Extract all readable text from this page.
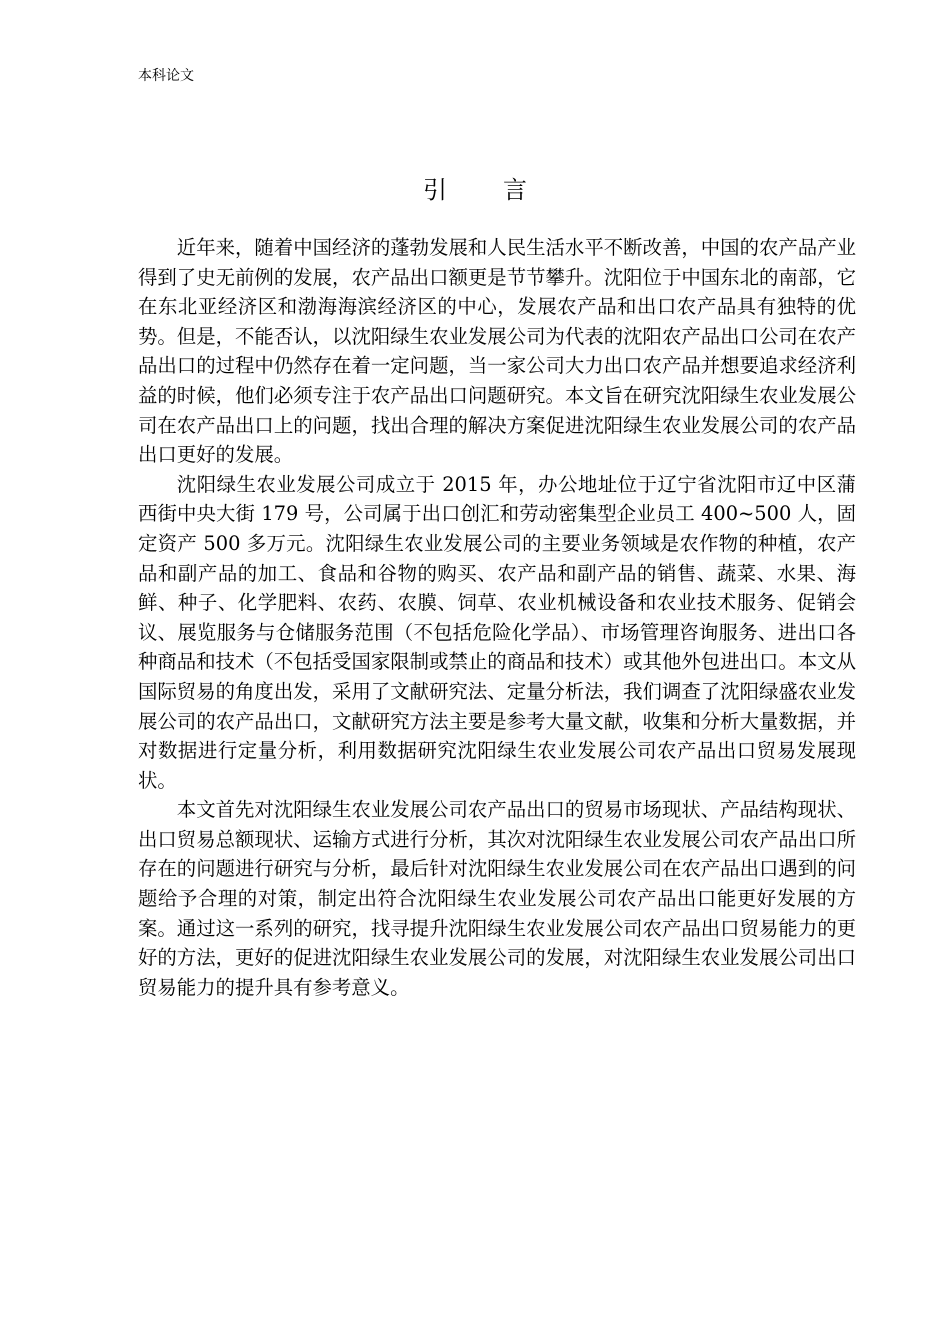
本科论文
引 言

近年来，随着中国经济的蓬勃发展和人民生活水平不断改善，中国的农产品产业得到了史无前例的发展，农产品出口额更是节节攀升。沈阳位于中国东北的南部，它在东北亚经济区和渤海海滨经济区的中心，发展农产品和出口农产品具有独特的优势。但是，不能否认，以沈阳绿生农业发展公司为代表的沈阳农产品出口公司在农产品出口的过程中仍然存在着一定问题，当一家公司大力出口农产品并想要追求经济利益的时候，他们必须专注于农产品出口问题研究。本文旨在研究沈阳绿生农业发展公司在农产品出口上的问题，找出合理的解决方案促进沈阳绿生农业发展公司的农产品出口更好的发展。

沈阳绿生农业发展公司成立于 2015 年，办公地址位于辽宁省沈阳市辽中区蒲西街中央大街 179 号，公司属于出口创汇和劳动密集型企业员工 400~500 人，固定资产 500 多万元。沈阳绿生农业发展公司的主要业务领域是农作物的种植，农产品和副产品的加工、食品和谷物的购买、农产品和副产品的销售、蔬菜、水果、海鲜、种子、化学肥料、农药、农膜、饲草、农业机械设备和农业技术服务、促销会议、展览服务与仓储服务范围（不包括危险化学品）、市场管理咨询服务、进出口各种商品和技术（不包括受国家限制或禁止的商品和技术）或其他外包进出口。本文从国际贸易的角度出发，采用了文献研究法、定量分析法，我们调查了沈阳绿盛农业发展公司的农产品出口，文献研究方法主要是参考大量文献，收集和分析大量数据，并对数据进行定量分析，利用数据研究沈阳绿生农业发展公司农产品出口贸易发展现状。

本文首先对沈阳绿生农业发展公司农产品出口的贸易市场现状、产品结构现状、出口贸易总额现状、运输方式进行分析，其次对沈阳绿生农业发展公司农产品出口所存在的问题进行研究与分析，最后针对沈阳绿生农业发展公司在农产品出口遇到的问题给予合理的对策，制定出符合沈阳绿生农业发展公司农产品出口能更好发展的方案。通过这一系列的研究，找寻提升沈阳绿生农业发展公司农产品出口贸易能力的更好的方法，更好的促进沈阳绿生农业发展公司的发展，对沈阳绿生农业发展公司出口贸易能力的提升具有参考意义。
